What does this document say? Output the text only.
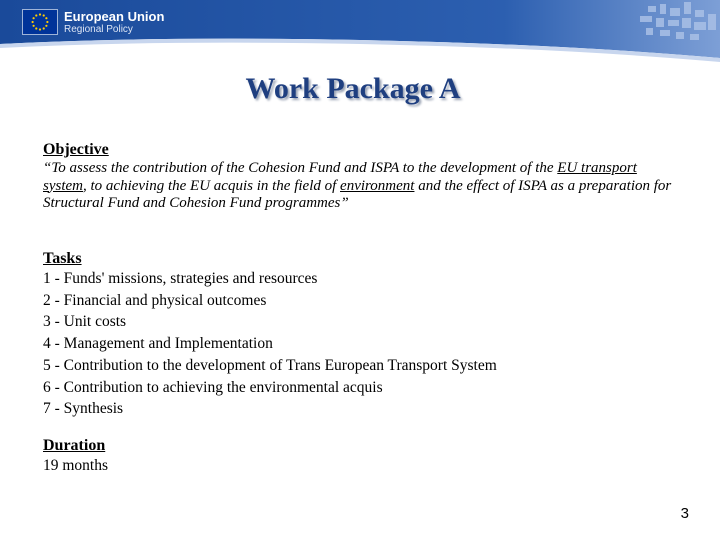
European Union
Regional Policy
Work Package A
Objective
“To assess the contribution of the Cohesion Fund and ISPA to the development of the EU transport system, to achieving the EU acquis in the field of environment and the effect of ISPA as a preparation for Structural Fund and Cohesion Fund programmes”
Tasks
1 - Funds' missions, strategies and resources
2 - Financial and physical outcomes
3 - Unit costs
4 - Management and Implementation
5 - Contribution to the development of Trans European Transport System
6 - Contribution to achieving the environmental acquis
7 - Synthesis
Duration
19 months
3
